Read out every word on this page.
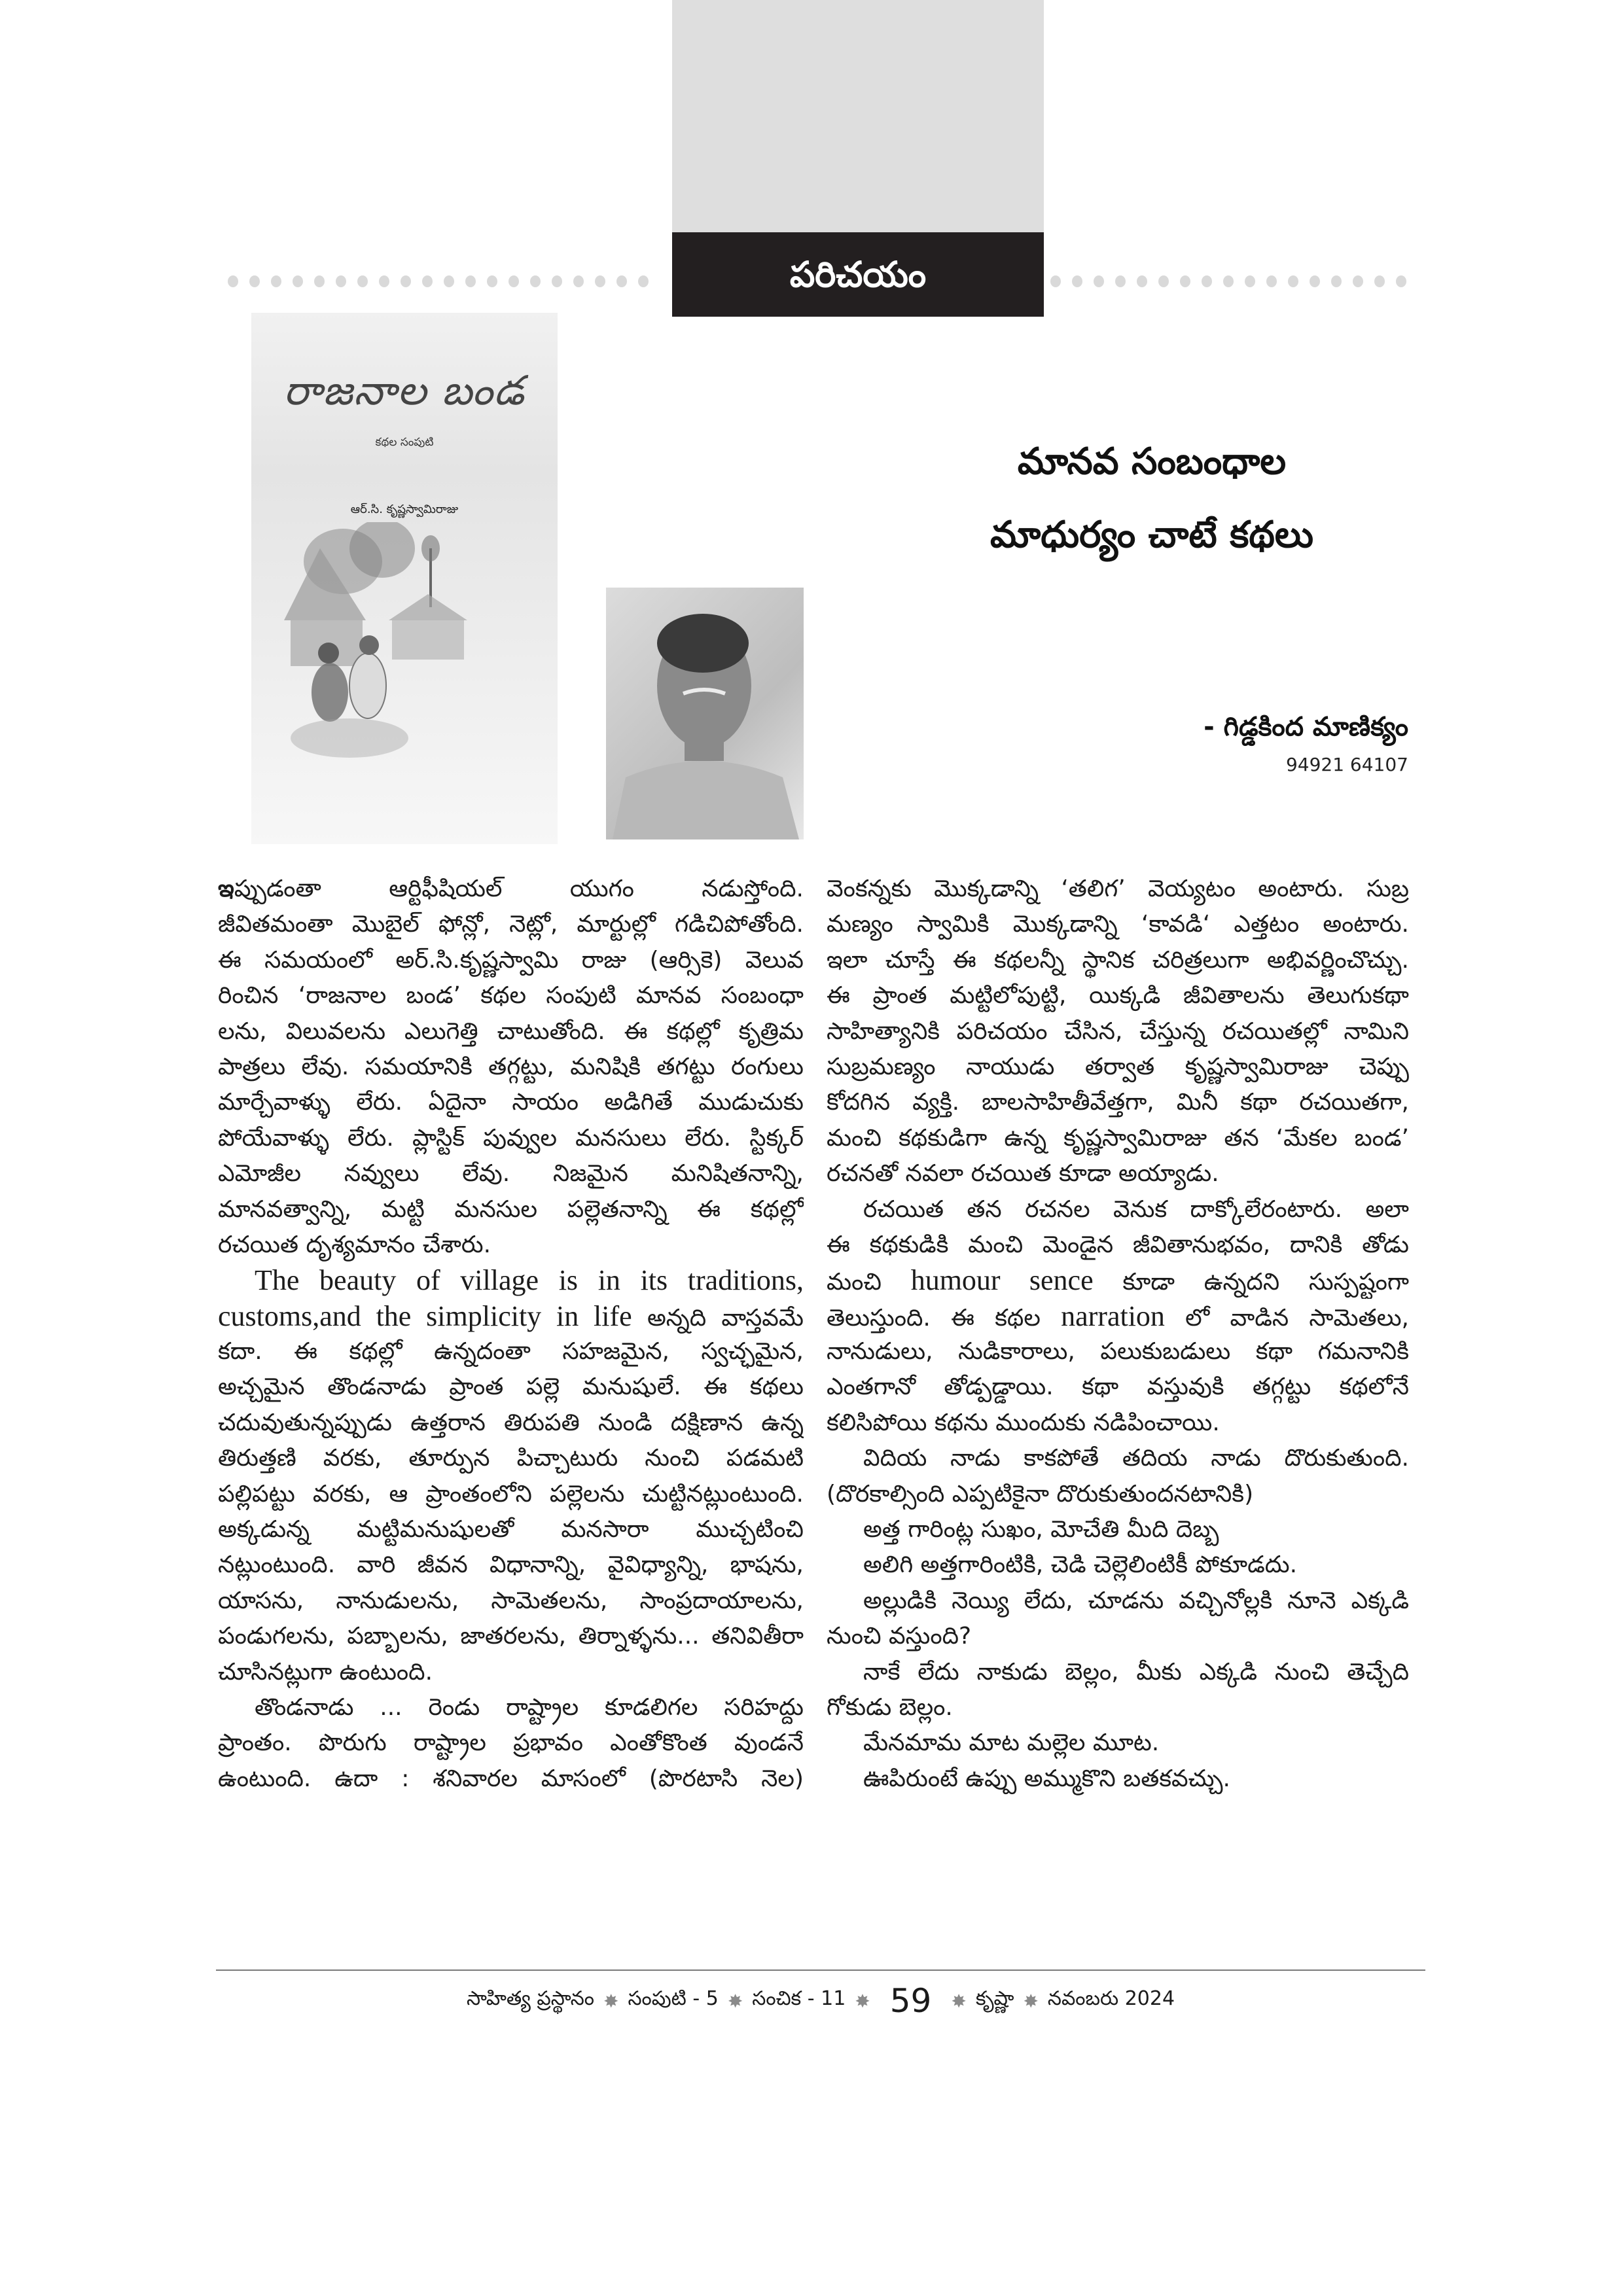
పరిచయం
రాజనాల బండ
కథల సంపుటి
ఆర్.సి. కృష్ణస్వామిరాజు
మానవ సంబంధాల
మాధుర్యం చాటే కథలు
- గిడ్డకింద మాణిక్యం
94921 64107
ఇప్పుడంతా ఆర్టిఫీషియల్ యుగం నడుస్తోంది.
జీవితమంతా మొబైల్ ఫోన్లో, నెట్లో, మార్టుల్లో గడిచిపోతోంది.
ఈ సమయంలో అర్.సి.కృష్ణస్వామి రాజు (ఆర్సికె) వెలువ
రించిన ‘రాజనాల బండ’ కథల సంపుటి మానవ సంబంధా
లను, విలువలను ఎలుగెత్తి చాటుతోంది. ఈ కథల్లో కృత్రిమ
పాత్రలు లేవు. సమయానికి తగ్గట్టు, మనిషికి తగట్టు రంగులు
మార్చేవాళ్ళు లేరు. ఏదైనా సాయం అడిగితే ముడుచుకు
పోయేవాళ్ళు లేరు. ప్లాస్టిక్ పువ్వుల మనసులు లేరు. స్టిక్కర్
ఎమోజీల నవ్వులు లేవు. నిజమైన మనిషితనాన్ని,
మానవత్వాన్ని, మట్టి మనసుల పల్లెతనాన్ని ఈ కథల్లో
రచయిత దృశ్యమానం చేశారు.
The beauty of village is in its traditions,
customs,and the simplicity in life అన్నది వాస్తవమే
కదా. ఈ కథల్లో ఉన్నదంతా సహజమైన, స్వచ్ఛమైన,
అచ్చమైన తొండనాడు ప్రాంత పల్లె మనుషులే. ఈ కథలు
చదువుతున్నప్పుడు ఉత్తరాన తిరుపతి నుండి దక్షిణాన ఉన్న
తిరుత్తణి వరకు, తూర్పున పిచ్చాటురు నుంచి పడమటి
పల్లిపట్టు వరకు, ఆ ప్రాంతంలోని పల్లెలను చుట్టినట్లుంటుంది.
అక్కడున్న మట్టిమనుషులతో మనసారా ముచ్చటించి
నట్లుంటుంది. వారి జీవన విధానాన్ని, వైవిధ్యాన్ని, భాషను,
యాసను, నానుడులను, సామెతలను, సాంప్రదాయాలను,
పండుగలను, పబ్బాలను, జాతరలను, తిర్నాళ్ళను... తనివితీరా
చూసినట్లుగా ఉంటుంది.
తొండనాడు ... రెండు రాష్ట్రాల కూడలిగల సరిహద్దు
ప్రాంతం. పొరుగు రాష్ట్రాల ప్రభావం ఎంతోకొంత వుండనే
ఉంటుంది. ఉదా : శనివారల మాసంలో (పొరటాసి నెల)
వెంకన్నకు మొక్కడాన్ని ‘తలిగ’ వెయ్యటం అంటారు. సుబ్ర
మణ్యం స్వామికి మొక్కడాన్ని ‘కావడి‘ ఎత్తటం అంటారు.
ఇలా చూస్తే ఈ కథలన్నీ స్థానిక చరిత్రలుగా అభివర్ణించొచ్చు.
ఈ ప్రాంత మట్టిలోపుట్టి, యిక్కడి జీవితాలను తెలుగుకథా
సాహిత్యానికి పరిచయం చేసిన, చేస్తున్న రచయితల్లో నామిని
సుబ్రమణ్యం నాయుడు తర్వాత కృష్ణస్వామిరాజు చెప్పు
కోదగిన వ్యక్తి. బాలసాహితీవేత్తగా, మినీ కథా రచయితగా,
మంచి కథకుడిగా ఉన్న కృష్ణస్వామిరాజు తన ‘మేకల బండ’
రచనతో నవలా రచయిత కూడా అయ్యాడు.
రచయిత తన రచనల వెనుక దాక్కోలేరంటారు. అలా
ఈ కథకుడికి మంచి మెండైన జీవితానుభవం, దానికి తోడు
మంచి humour sence కూడా ఉన్నదని సుస్పష్టంగా
తెలుస్తుంది. ఈ కథల narration లో వాడిన సామెతలు,
నానుడులు, నుడికారాలు, పలుకుబడులు కథా గమనానికి
ఎంతగానో తోడ్పడ్డాయి. కథా వస్తువుకి తగ్గట్టు కథలోనే
కలిసిపోయి కథను ముందుకు నడిపించాయి.
విదియ నాడు కాకపోతే తదియ నాడు దొరుకుతుంది.
(దొరకాల్సింది ఎప్పటికైనా దొరుకుతుందనటానికి)
అత్త గారింట్ల సుఖం, మోచేతి మీది దెబ్బ
అలిగి అత్తగారింటికి, చెడి చెల్లెలింటికీ పోకూడదు.
అల్లుడికి నెయ్యి లేదు, చూడను వచ్చినోల్లకి నూనె ఎక్కడి
నుంచి వస్తుంది?
నాకే లేదు నాకుడు బెల్లం, మీకు ఎక్కడి నుంచి తెచ్చేది
గోకుడు బెల్లం.
మేనమామ మాట మల్లెల మూట.
ఊపిరుంటే ఉప్పు అమ్ముకొని బతకవచ్చు.
సాహిత్య ప్రస్థానం ✸ సంపుటి - 5 ✸ సంచిక - 11 ✸ 59 ✸ కృష్ణా ✸ నవంబరు 2024
